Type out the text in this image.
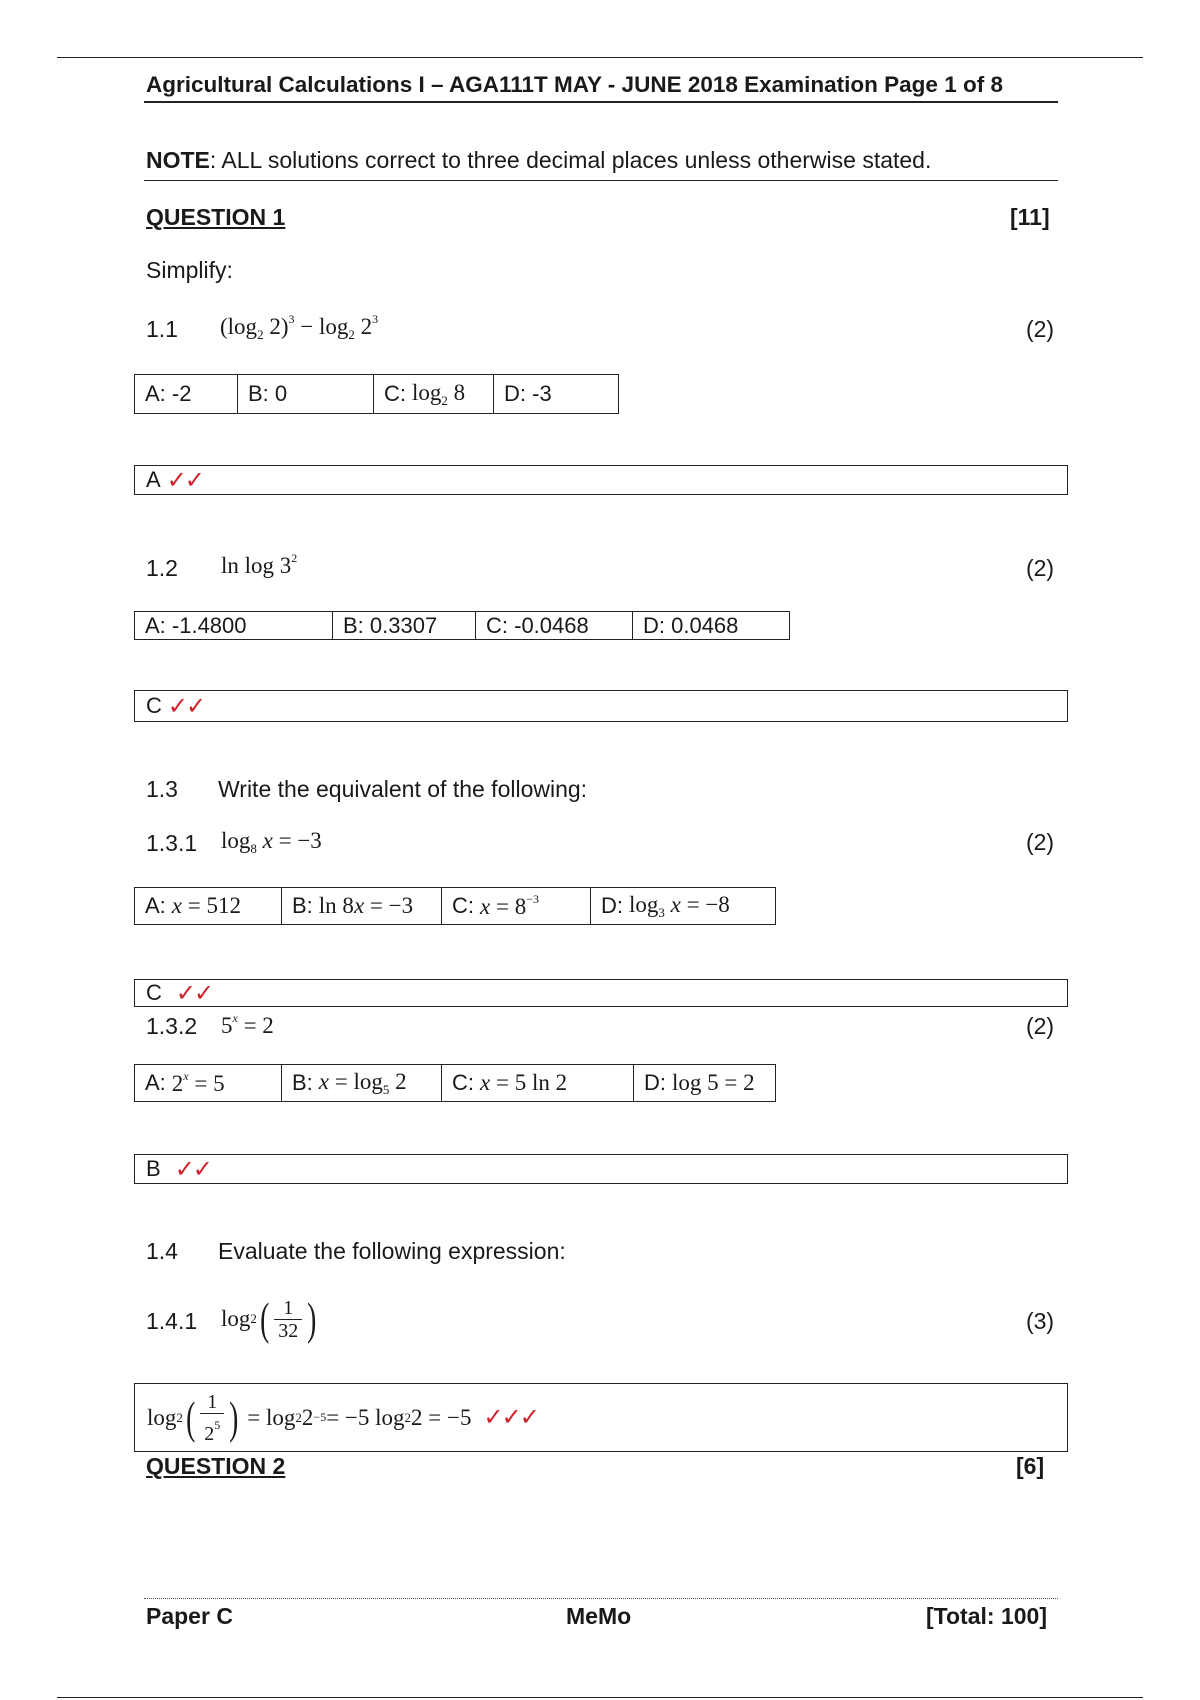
Agricultural Calculations I – AGA111T MAY - JUNE 2018 Examination Page 1 of 8
NOTE: ALL solutions correct to three decimal places unless otherwise stated.
QUESTION 1	[11]
Simplify:
1.1 ($\log_2$ $2)^3 - \log_2 2^3$	(2)
A: -2	B: 0	C: $\log_2 8$	D: -3
A ✓✓
1.2 $\ln \log 3^2$	(2)
A: -1.4800	B: 0.3307	C: -0.0468	D: 0.0468
C ✓✓
1.3 Write the equivalent of the following:
1.3.1 $\log_8 x = -3$	(2)
A: x = 512 B: ln 8x = −3 C: $x = 8^{-3}$	D: $\log_3 x = -8$
C ✓✓
1.3.2 $5^x = 2$	(2)
A: $2^x = 5$	B: $x = \log_5 2$ C: x = 5 ln 2	D: log 5 = 2
B ✓✓
1.4 Evaluate the following expression:
1.4.1 log 2 ( $\frac{1}{32}$ )	(3)
log 2 ( $\frac{1}{2^5}$ ) = log 2 2 −5 = −5 log 2 2 = −5 ✓✓✓
QUESTION 2	[6]
Paper C	MeMo	[Total: 100]
